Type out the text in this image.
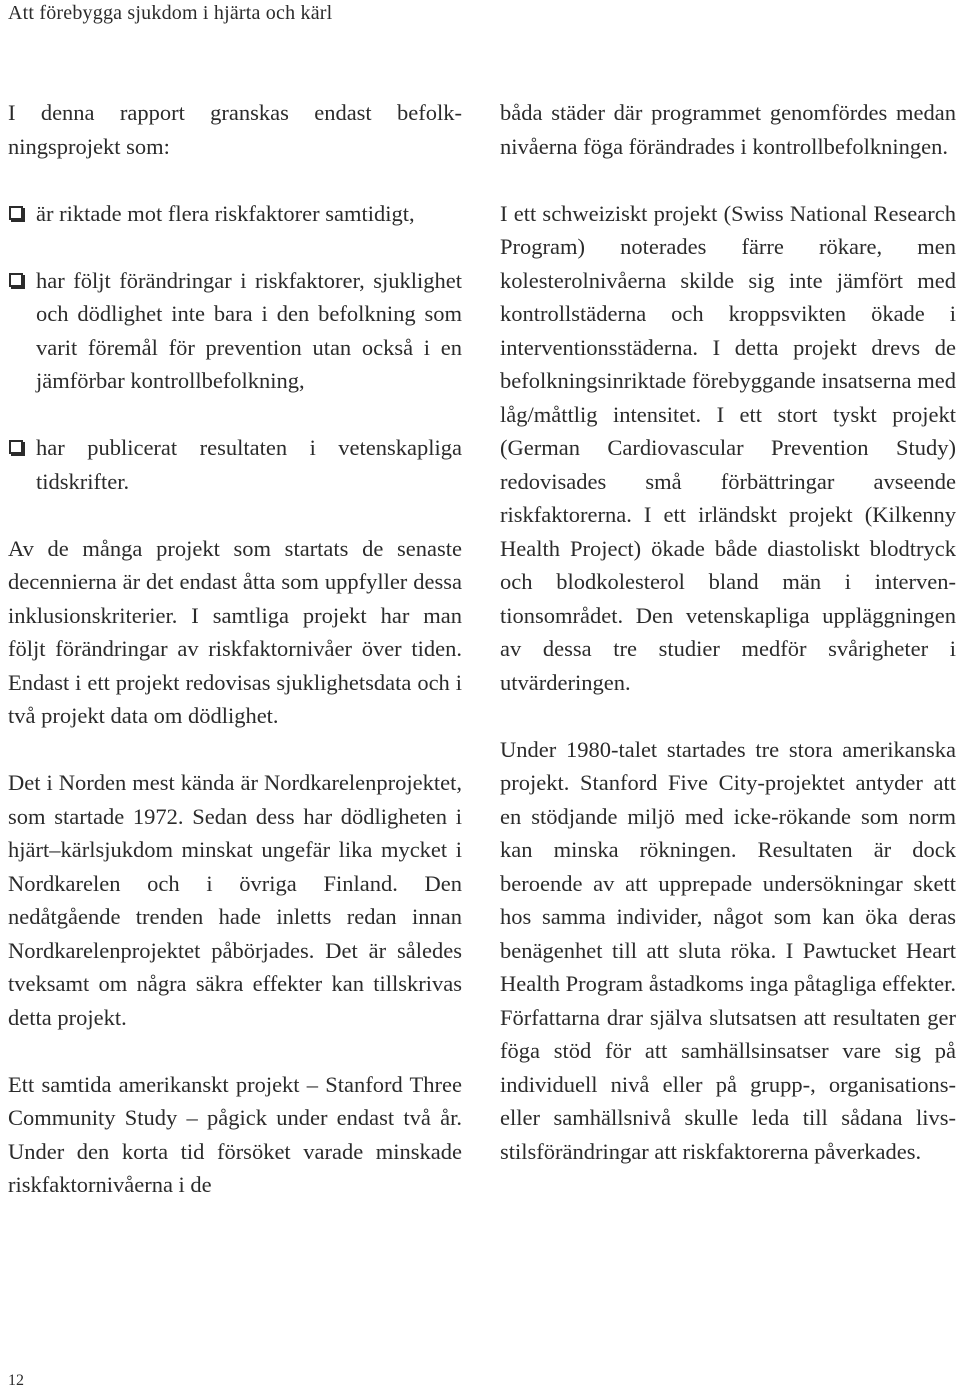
Att förebygga sjukdom i hjärta och kärl

I denna rapport granskas endast befolkningsprojekt som:

är riktade mot flera riskfaktorer samtidigt,
har följt förändringar i riskfaktorer, sjuklighet och dödlighet inte bara i den befolkning som varit föremål för prevention utan också i en jämförbar kontrollbefolkning,
har publicerat resultaten i vetenskapliga tidskrifter.

Av de många projekt som startats de senaste decennierna är det endast åtta som uppfyller dessa inklusionskriterier. I samtliga projekt har man följt förändringar av riskfaktornivåer över tiden. Endast i ett projekt redovisas sjuklighetsdata och i två projekt data om dödlighet.

Det i Norden mest kända är Nordkarelenprojektet, som startade 1972. Sedan dess har dödligheten i hjärt–kärlsjukdom minskat ungefär lika mycket i Nordkarelen och i övriga Finland. Den nedåtgående trenden hade inletts redan innan Nordkarelenprojektet påbörjades. Det är således tveksamt om några säkra effekter kan tillskrivas detta projekt.

Ett samtida amerikanskt projekt – Stanford Three Community Study – pågick under endast två år. Under den korta tid försöket varade minskade riskfaktornivåerna i de

båda städer där programmet genomfördes medan nivåerna föga förändrades i kontrollbefolkningen.

I ett schweiziskt projekt (Swiss National Research Program) noterades färre rökare, men kolesterolnivåerna skilde sig inte jämfört med kontrollstäderna och kroppsvikten ökade i interventionsstäderna. I detta projekt drevs de befolkningsinriktade förebyggande insatserna med låg/måttlig intensitet. I ett stort tyskt projekt (German Cardiovascular Prevention Study) redovisades små förbättringar avseende riskfaktorerna. I ett irländskt projekt (Kilkenny Health Project) ökade både diastoliskt blodtryck och blodkolesterol bland män i interventionsområdet. Den vetenskapliga uppläggningen av dessa tre studier medför svårigheter i utvärderingen.

Under 1980-talet startades tre stora amerikanska projekt. Stanford Five City-projektet antyder att en stödjande miljö med icke-rökande som norm kan minska rökningen. Resultaten är dock beroende av att upprepade undersökningar skett hos samma individer, något som kan öka deras benägenhet till att sluta röka. I Pawtucket Heart Health Program åstadkoms inga påtagliga effekter. Författarna drar själva slutsatsen att resultaten ger föga stöd för att samhällsinsatser vare sig på individuell nivå eller på grupp-, organisations- eller samhällsnivå skulle leda till sådana livsstilsförändringar att riskfaktorerna påverkades.

12
